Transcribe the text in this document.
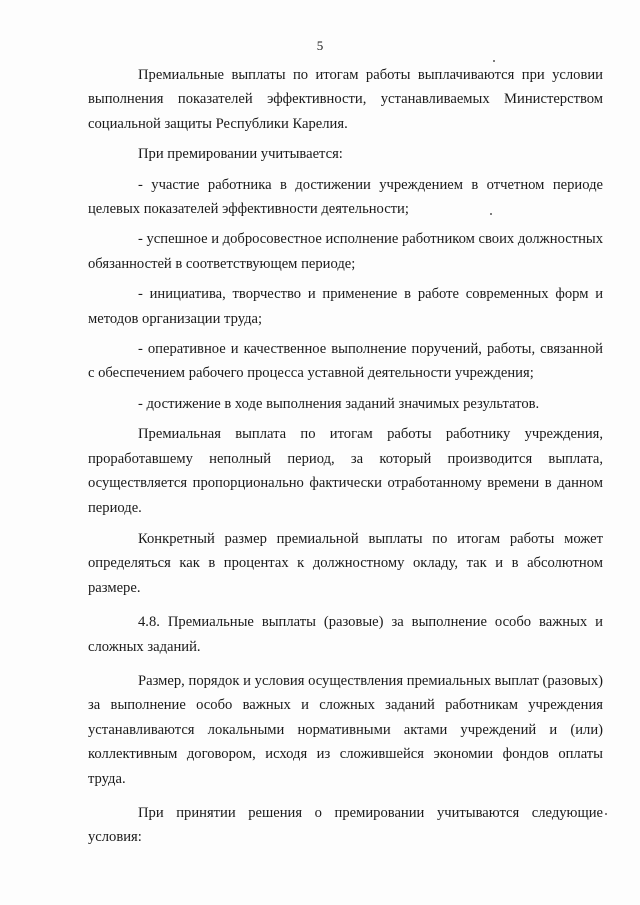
5

Премиальные выплаты по итогам работы выплачиваются при условии выполнения показателей эффективности, устанавливаемых Министерством социальной защиты Республики Карелия.

При премировании учитывается:

- участие работника в достижении учреждением в отчетном периоде целевых показателей эффективности деятельности;

- успешное и добросовестное исполнение работником своих должностных обязанностей в соответствующем периоде;

- инициатива, творчество и применение в работе современных форм и методов организации труда;

- оперативное и качественное выполнение поручений, работы, связанной с обеспечением рабочего процесса уставной деятельности учреждения;

- достижение в ходе выполнения заданий значимых результатов.

Премиальная выплата по итогам работы работнику учреждения, проработавшему неполный период, за который производится выплата, осуществляется пропорционально фактически отработанному времени в данном периоде.

Конкретный размер премиальной выплаты по итогам работы может определяться как в процентах к должностному окладу, так и в абсолютном размере.

4.8. Премиальные выплаты (разовые) за выполнение особо важных и сложных заданий.

Размер, порядок и условия осуществления премиальных выплат (разовых) за выполнение особо важных и сложных заданий работникам учреждения устанавливаются локальными нормативными актами учреждений и (или) коллективным договором, исходя из сложившейся экономии фондов оплаты труда.

При принятии решения о премировании учитываются следующие условия:
